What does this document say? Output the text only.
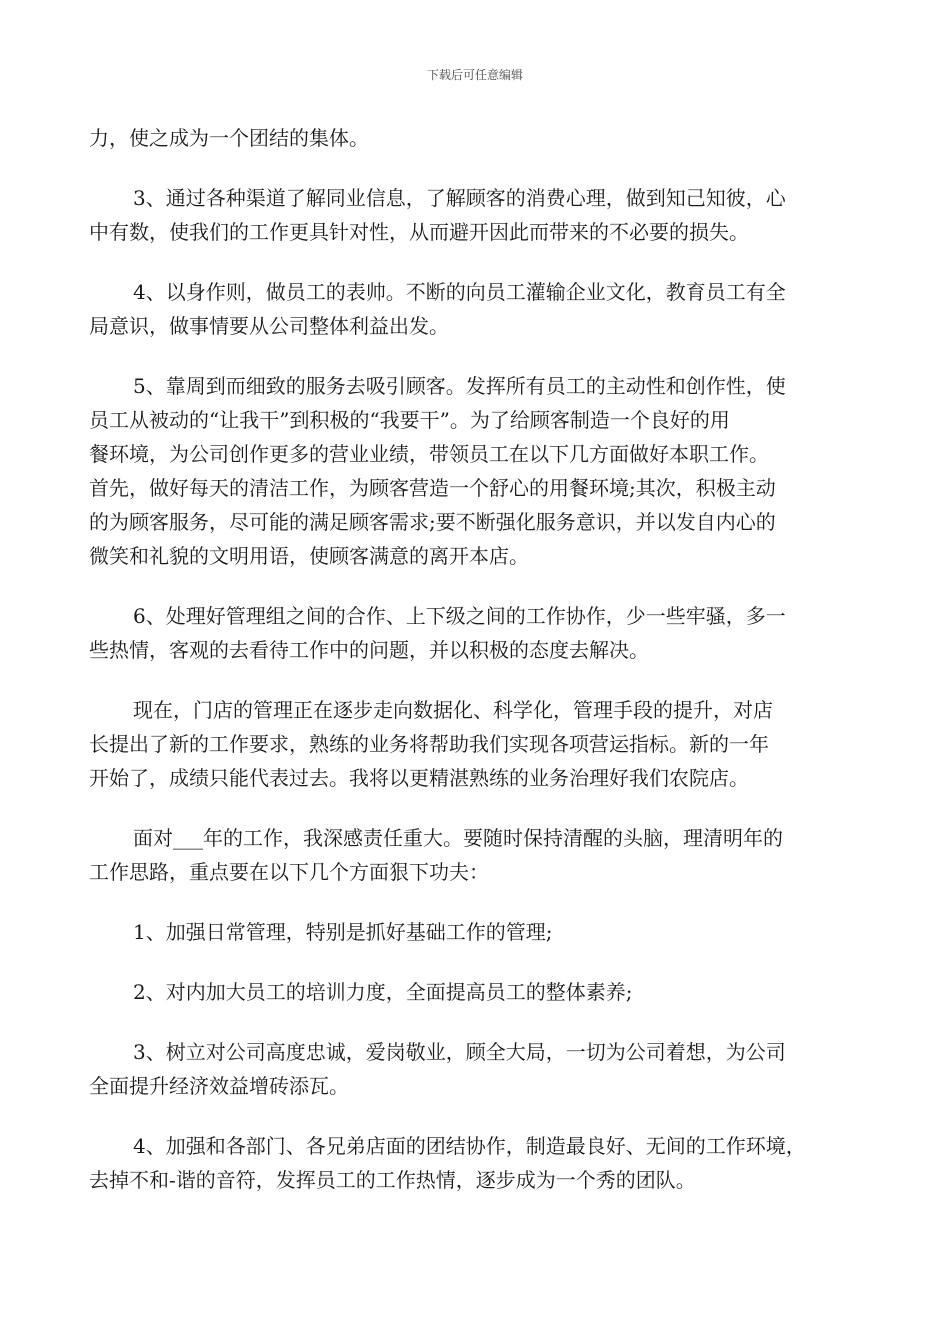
下载后可任意编辑
力，使之成为一个团结的集体。
3、通过各种渠道了解同业信息，了解顾客的消费心理，做到知己知彼，心
中有数，使我们的工作更具针对性，从而避开因此而带来的不必要的损失。
4、以身作则，做员工的表帅。不断的向员工灌输企业文化，教育员工有全
局意识，做事情要从公司整体利益出发。
5、靠周到而细致的服务去吸引顾客。发挥所有员工的主动性和创作性，使
员工从被动的“让我干”到积极的“我要干”。为了给顾客制造一个良好的用
餐环境，为公司创作更多的营业业绩，带领员工在以下几方面做好本职工作。
首先，做好每天的清洁工作，为顾客营造一个舒心的用餐环境;其次，积极主动
的为顾客服务，尽可能的满足顾客需求;要不断强化服务意识，并以发自内心的
微笑和礼貌的文明用语，使顾客满意的离开本店。
6、处理好管理组之间的合作、上下级之间的工作协作，少一些牢骚，多一
些热情，客观的去看待工作中的问题，并以积极的态度去解决。
现在，门店的管理正在逐步走向数据化、科学化，管理手段的提升，对店
长提出了新的工作要求，熟练的业务将帮助我们实现各项营运指标。新的一年
开始了，成绩只能代表过去。我将以更精湛熟练的业务治理好我们农院店。
面对___年的工作，我深感责任重大。要随时保持清醒的头脑，理清明年的
工作思路，重点要在以下几个方面狠下功夫：
1、加强日常管理，特别是抓好基础工作的管理;
2、对内加大员工的培训力度，全面提高员工的整体素养;
3、树立对公司高度忠诚，爱岗敬业，顾全大局，一切为公司着想，为公司
全面提升经济效益增砖添瓦。
4、加强和各部门、各兄弟店面的团结协作，制造最良好、无间的工作环境，
去掉不和-谐的音符，发挥员工的工作热情，逐步成为一个秀的团队。
